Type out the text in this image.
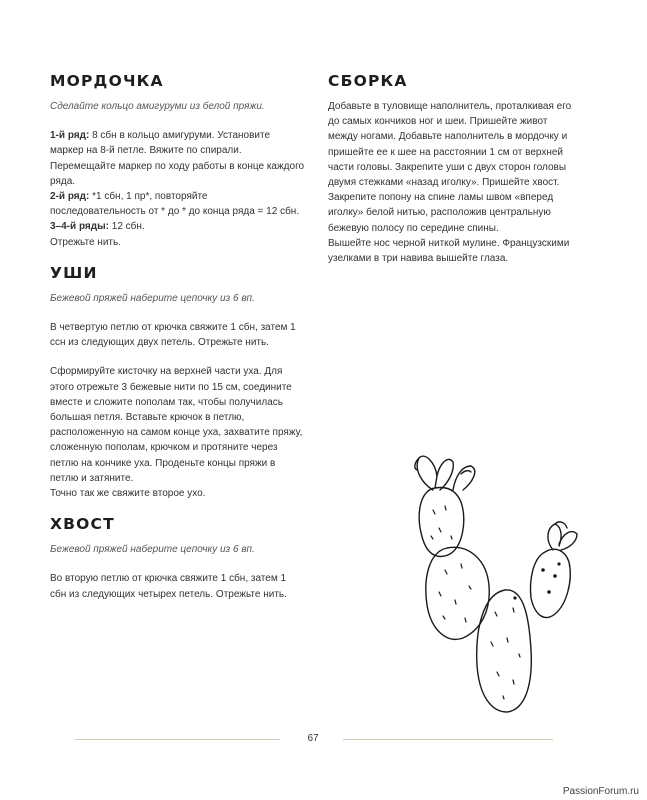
МОРДОЧКА

Сделайте кольцо амигуруми из белой пряжи.

1-й ряд: 8 сбн в кольцо амигуруми. Установите маркер на 8-й петле. Вяжите по спирали. Перемещайте маркер по ходу работы в конце каждого ряда.

2-й ряд: *1 сбн, 1 пр*, повторяйте последовательность от * до * до конца ряда = 12 сбн.

3–4-й ряды: 12 сбн.

Отрежьте нить.

УШИ

Бежевой пряжей наберите цепочку из 6 вп.

В четвертую петлю от крючка свяжите 1 сбн, затем 1 ссн из следующих двух петель. Отрежьте нить.

Сформируйте кисточку на верхней части уха. Для этого отрежьте 3 бежевые нити по 15 см, соедините вместе и сложите пополам так, чтобы получилась большая петля. Вставьте крючок в петлю, расположенную на самом конце уха, захватите пряжу, сложенную пополам, крючком и протяните через петлю на кончике уха. Проденьте концы пряжи в петлю и затяните.

Точно так же свяжите второе ухо.

ХВОСТ

Бежевой пряжей наберите цепочку из 6 вп.

Во вторую петлю от крючка свяжите 1 сбн, затем 1 сбн из следующих четырех петель. Отрежьте нить.

СБОРКА

Добавьте в туловище наполнитель, проталкивая его до самых кончиков ног и шеи. Пришейте живот между ногами. Добавьте наполнитель в мордочку и пришейте ее к шее на расстоянии 1 см от верхней части головы. Закрепите уши с двух сторон головы двумя стежками «назад иголку». Пришейте хвост. Закрепите попону на спине ламы швом «вперед иголку» белой нитью, расположив центральную бежевую полосу по середине спины.

Вышейте нос черной ниткой мулине. Французскими узелками в три навива вышейте глаза.

67
PassionForum.ru
